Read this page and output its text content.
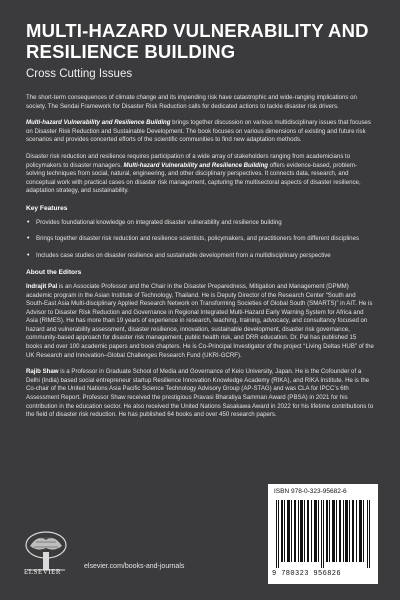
MULTI-HAZARD VULNERABILITY AND RESILIENCE BUILDING
Cross Cutting Issues

The short-term consequences of climate change and its impending risk have catastrophic and wide-ranging implications on society. The Sendai Framework for Disaster Risk Reduction calls for dedicated actions to tackle disaster risk drivers.

Multi-hazard Vulnerability and Resilience Building brings together discussion on various multidisciplinary issues that focuses on Disaster Risk Reduction and Sustainable Development. The book focuses on various dimensions of existing and future risk scenarios and provides concerted efforts of the scientific communities to find new adaptation methods.

Disaster risk reduction and resilience requires participation of a wide array of stakeholders ranging from academicians to policymakers to disaster managers. Multi-hazard Vulnerability and Resilience Building offers evidence-based, problem-solving techniques from social, natural, engineering, and other disciplinary perspectives. It connects data, research, and conceptual work with practical cases on disaster risk management, capturing the multisectoral aspects of disaster resilience, adaptation strategy, and sustainability.

Key Features
• Provides foundational knowledge on integrated disaster vulnerability and resilience building
• Brings together disaster risk reduction and resilience scientists, policymakers, and practitioners from different disciplines
• Includes case studies on disaster resilience and sustainable development from a multidisciplinary perspective
About the Editors

Indrajit Pal is an Associate Professor and the Chair in the Disaster Preparedness, Mitigation and Management (DPMM) academic program in the Asian Institute of Technology, Thailand. He is Deputy Director of the Research Center “South and South-East Asia Multi-disciplinary Applied Research Network on Transforming Societies of Global South (SMARTS)” in AIT. He is Advisor to Disaster Risk Reduction and Governance in Regional Integrated Multi-Hazard Early Warning System for Africa and Asia (RIMES). He has more than 19 years of experience in research, teaching, training, advocacy, and consultancy focused on hazard and vulnerability assessment, disaster resilience, innovation, sustainable development, disaster risk governance, community-based approach for disaster risk management, public health risk, and DRR education. Dr. Pal has published 15 books and over 100 academic papers and book chapters. He is Co-Principal Investigator of the project “Living Deltas HUB” of the UK Research and Innovation–Global Challenges Research Fund (UKRI-GCRF).

Rajib Shaw is a Professor in Graduate School of Media and Governance of Keio University, Japan. He is the Cofounder of a Delhi (India) based social entrepreneur startup Resilience Innovation Knowledge Academy (RIKA), and RIKA Institute. He is the Co-chair of the United Nations Asia Pacific Science Technology Advisory Group (AP-STAG) and was CLA for IPCC’s 6th Assessment Report. Professor Shaw received the prestigious Pravasi Bharatiya Samman Award (PBSA) in 2021 for his contribution in the education sector. He also received the United Nations Sasakawa Award in 2022 for his lifetime contributions to the field of disaster risk reduction. He has published 64 books and over 450 research papers.

ELSEVIER
elsevier.com/books-and-journals
ISBN 978-0-323-95682-6
9 780323 956826
